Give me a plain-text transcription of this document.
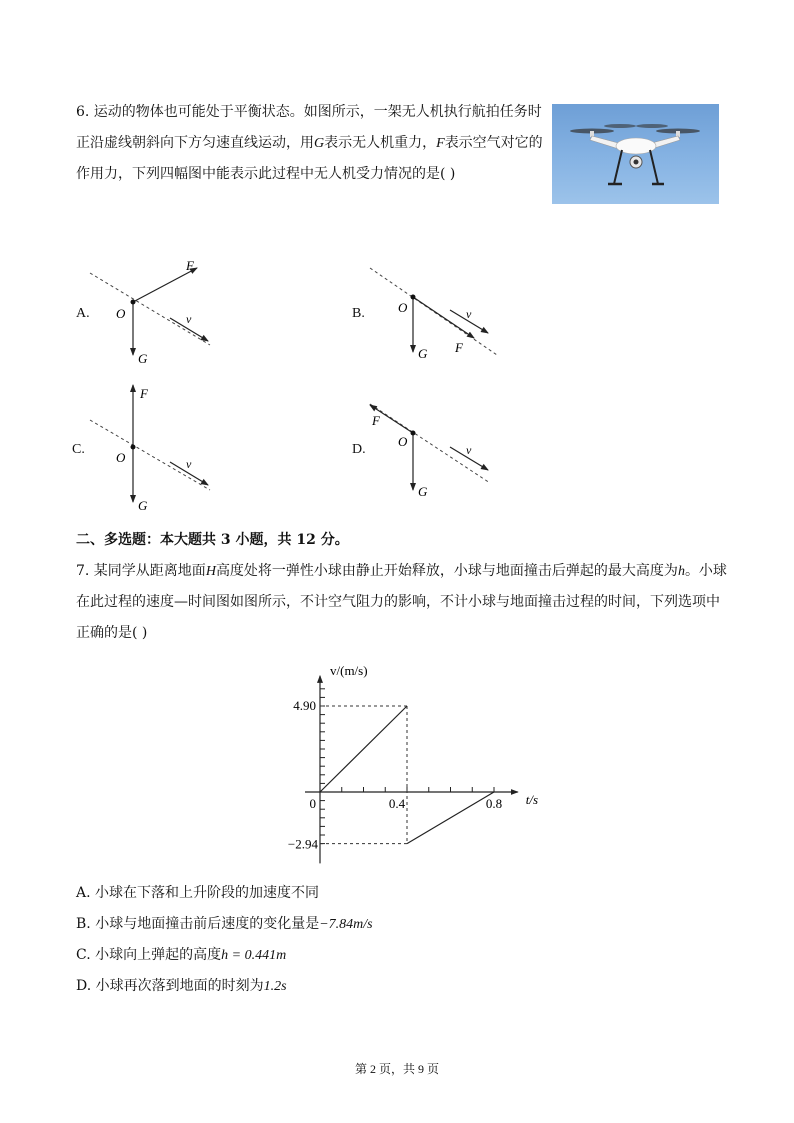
6. 运动的物体也可能处于平衡状态。如图所示，一架无人机执行航拍任务时
正沿虚线朝斜向下方匀速直线运动，用G表示无人机重力，F表示空气对它的
作用力，下列四幅图中能表示此过程中无人机受力情况的是( )
A.	B.
C.	D.
F
O
G
v
O
G F
v
F
O
G
v
F
O
G
v
二、多选题：本大题共 3 小题，共 12 分。
7. 某同学从距离地面H高度处将一弹性小球由静止开始释放，小球与地面撞击后弹起的最大高度为h。小球
在此过程的速度—时间图如图所示，不计空气阻力的影响，不计小球与地面撞击过程的时间，下列选项中
正确的是( )
v/(m/s)
t/s
0	0.4	0.8
4.90
−2.94
A. 小球在下落和上升阶段的加速度不同
B. 小球与地面撞击前后速度的变化量是−7.84m/s
C. 小球向上弹起的高度h = 0.441m
D. 小球再次落到地面的时刻为1.2s
第 2 页，共 9 页
